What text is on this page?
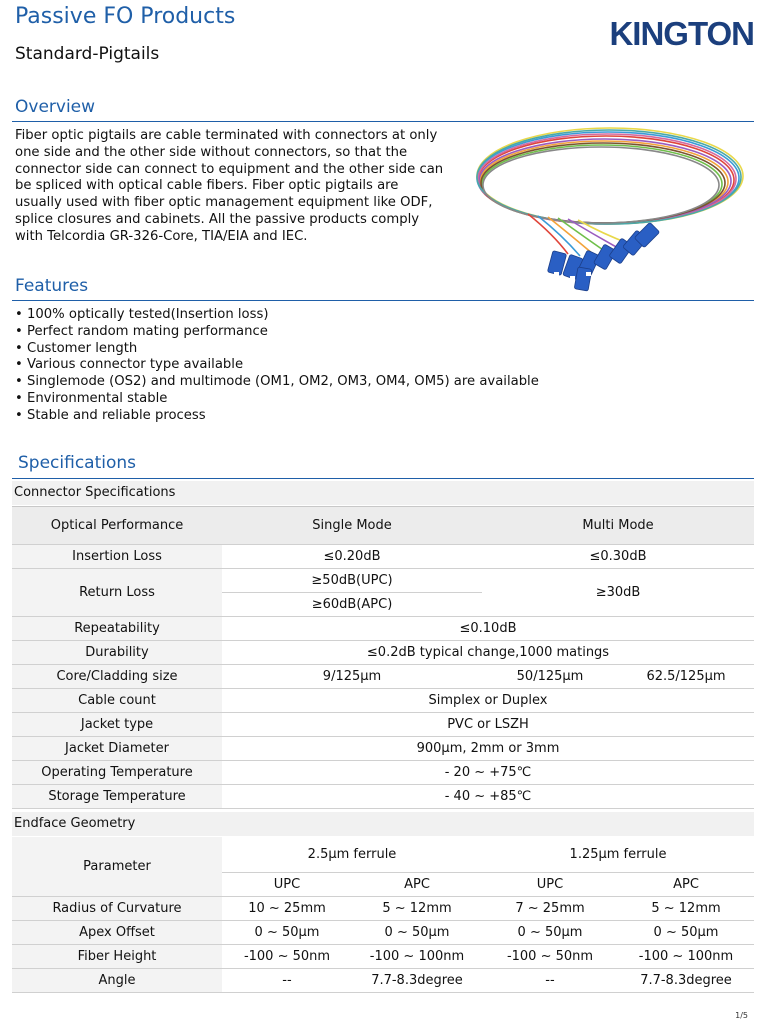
Passive FO Products
Standard-Pigtails
KINGTON
Overview
Fiber optic pigtails are cable terminated with connectors at only one side and the other side without connectors, so that the connector side can connect to equipment and the other side can be spliced with optical cable fibers. Fiber optic pigtails are usually used with fiber optic management equipment like ODF, splice closures and cabinets. All the passive products comply with Telcordia GR-326-Core, TIA/EIA and IEC.
Features
• 100% optically tested(Insertion loss)
• Perfect random mating performance
• Customer length
• Various connector type available
• Singlemode (OS2) and multimode (OM1, OM2, OM3, OM4, OM5) are available
• Environmental stable
• Stable and reliable process
Specifications
Connector Specifications
Optical Performance	Single Mode	Multi Mode	
Insertion Loss	≤0.20dB	≤0.30dB	
Return Loss	≥50dB(UPC)	≥30dB	
	≥60dB(APC)		
Repeatability	≤0.10dB		
Durability	≤0.2dB typical change,1000 matings		
Core/Cladding size	9/125μm	50/125μm	62.5/125μm
Cable count	Simplex or Duplex		
Jacket type	PVC or LSZH		
Jacket Diameter	900μm, 2mm or 3mm		
Operating Temperature	- 20 ~ +75℃		
Storage Temperature	- 40 ~ +85℃		
Endface Geometry
Parameter	2.5μm ferrule		1.25μm ferrule	
	UPC	APC	UPC	APC
Radius of Curvature	10 ~ 25mm	5 ~ 12mm	7 ~ 25mm	5 ~ 12mm
Apex Offset	0 ~ 50μm	0 ~ 50μm	0 ~ 50μm	0 ~ 50μm
Fiber Height	-100 ~ 50nm	-100 ~ 100nm	-100 ~ 50nm	-100 ~ 100nm
Angle	--	7.7-8.3degree	--	7.7-8.3degree
1/5
